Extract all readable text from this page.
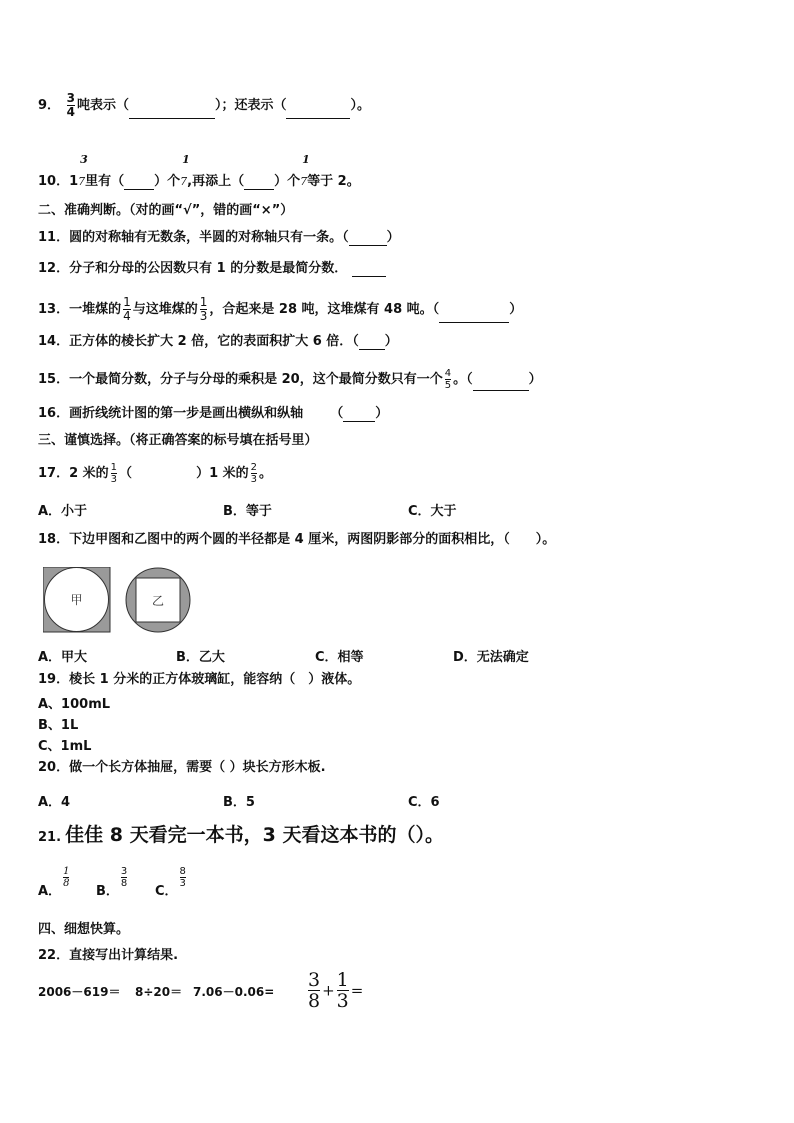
9． $\frac{3}{4}$ 吨表示（	）；还表示（	）。
10．1
3
7里有（ ）个
1
7,再添上（ ）个
1
7等于 2。
二、准确判断。（对的画“√”，错的画“×”）
11．圆的对称轴有无数条，半圆的对称轴只有一条。（	）
12．分子和分母的公因数只有 1 的分数是最简分数．
13．一堆煤的 $\frac{1}{4}$ 与这堆煤的 $\frac{1}{3}$ ，合起来是 28 吨，这堆煤有 48 吨。（	）
14．正方体的棱长扩大 2 倍，它的表面积扩大 6 倍．（ ）
15．一个最简分数，分子与分母的乘积是 20，这个最简分数只有一个 $\frac{4}{5}$ 。（	）
16．画折线统计图的第一步是画出横纵和纵轴 （ ）
三、谨慎选择。（将正确答案的标号填在括号里）
17．2 米的 $\frac{1}{3}$ （	）1 米的 $\frac{2}{3}$ 。
A．小于	B．等于	C．大于
18．下边甲图和乙图中的两个圆的半径都是 4 厘米，两图阴影部分的面积相比，（　　）。
甲	乙
A．甲大	B．乙大	C．相等	D．无法确定
19．棱长 1 分米的正方体玻璃缸，能容纳（　）液体。
A、100mL
B、1L
C、1mL
20．做一个长方体抽屉，需要（ ）块长方形木板.
A．4	B．5	C．6
21. 佳佳 8 天看完一本书，3 天看这本书的（）。
A．
$\frac{1}{8}$
B．
$\frac{3}{8}$
C．
$\frac{8}{3}$
四、细想快算。
22．直接写出计算结果.
$2006-619= 8\div 20= 7.06-0.06= \frac{3}{8} + \frac{1}{3}$ =
